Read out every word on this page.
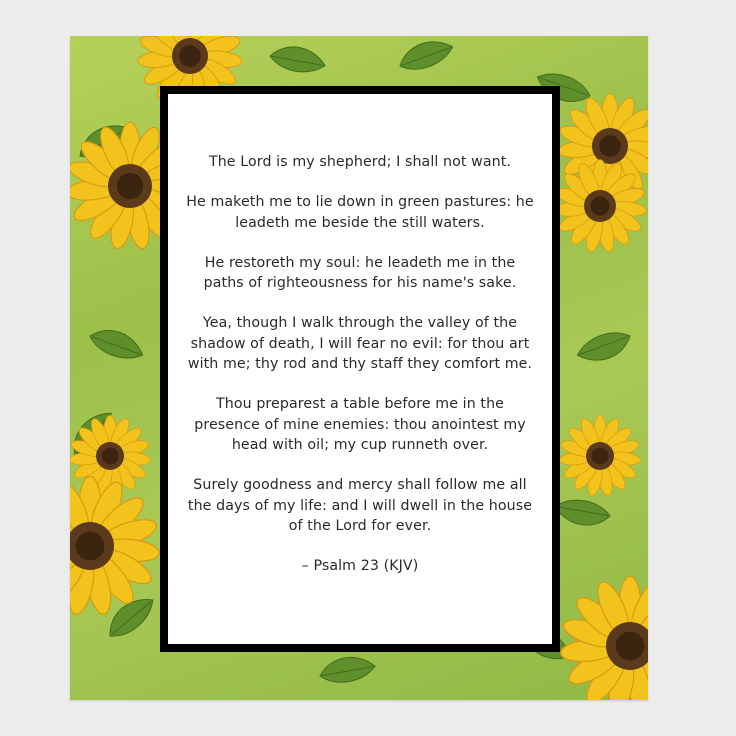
The Lord is my shepherd; I shall not want.

He maketh me to lie down in green pastures: he leadeth me beside the still waters.

He restoreth my soul: he leadeth me in the paths of righteousness for his name's sake.

Yea, though I walk through the valley of the shadow of death, I will fear no evil: for thou art with me; thy rod and thy staff they comfort me.

Thou preparest a table before me in the presence of mine enemies: thou anointest my head with oil; my cup runneth over.

Surely goodness and mercy shall follow me all the days of my life: and I will dwell in the house of the Lord for ever.

– Psalm 23 (KJV)
